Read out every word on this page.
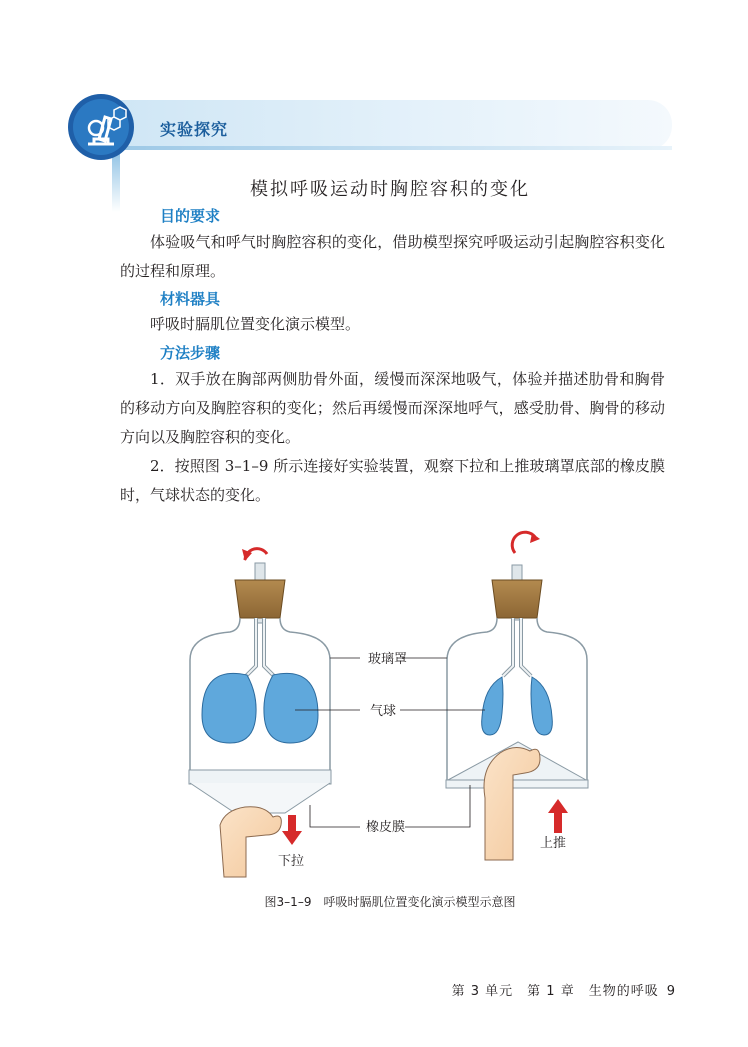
实验探究
模拟呼吸运动时胸腔容积的变化
目的要求
体验吸气和呼气时胸腔容积的变化，借助模型探究呼吸运动引起胸腔容积变化的过程和原理。
材料器具
呼吸时膈肌位置变化演示模型。
方法步骤
1．双手放在胸部两侧肋骨外面，缓慢而深深地吸气，体验并描述肋骨和胸骨的移动方向及胸腔容积的变化；然后再缓慢而深深地呼气，感受肋骨、胸骨的移动方向以及胸腔容积的变化。
2．按照图 3–1–9 所示连接好实验装置，观察下拉和上推玻璃罩底部的橡皮膜时，气球状态的变化。
玻璃罩
气球
橡皮膜
下拉
上推
图3–1–9　呼吸时膈肌位置变化演示模型示意图
第 3 单元　第 1 章　生物的呼吸 9
